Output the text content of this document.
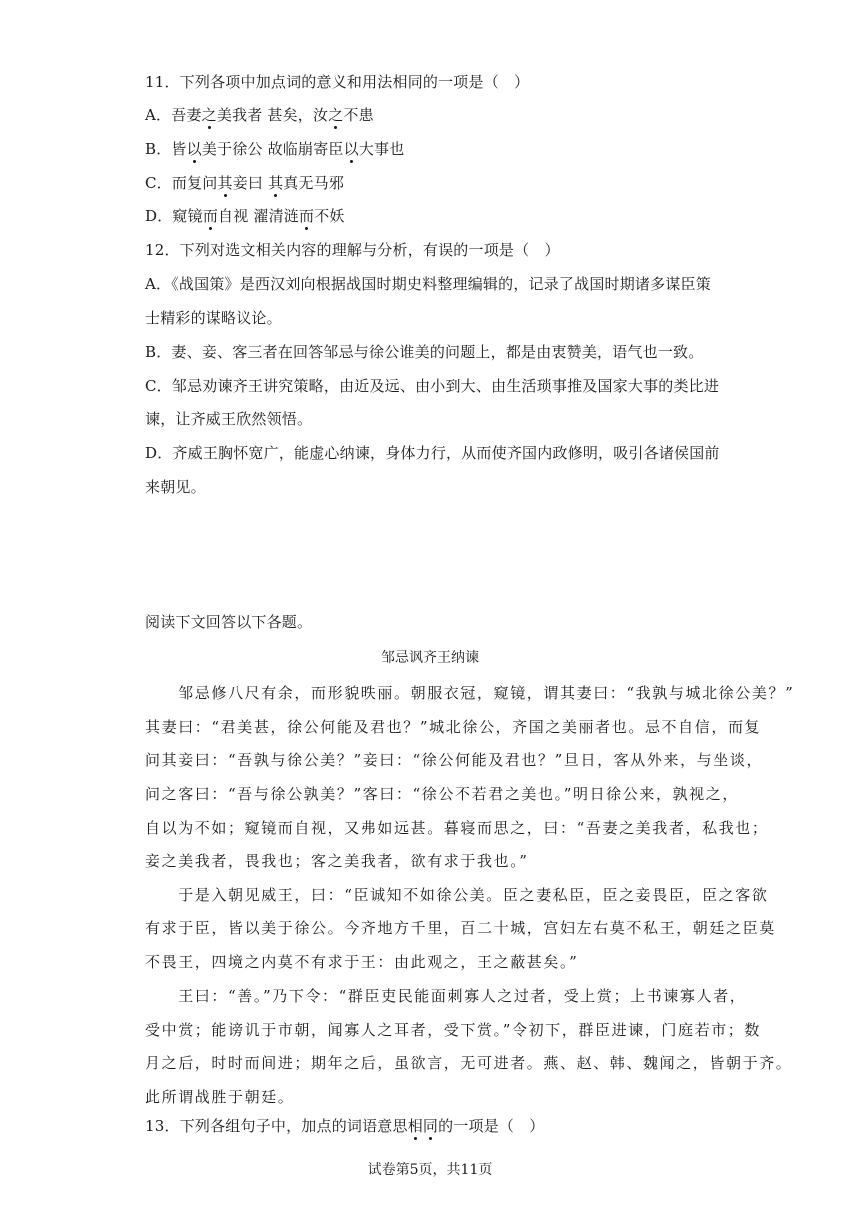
11．下列各项中加点词的意义和用法相同的一项是（　）
A．吾妻之美我者 甚矣，汝之不患
B．皆以美于徐公 故临崩寄臣以大事也
C．而复问其妾曰 其真无马邪
D．窥镜而自视 濯清涟而不妖
12．下列对选文相关内容的理解与分析，有误的一项是（　）
A．《战国策》是西汉刘向根据战国时期史料整理编辑的，记录了战国时期诸多谋臣策
士精彩的谋略议论。
B．妻、妾、客三者在回答邹忌与徐公谁美的问题上，都是由衷赞美，语气也一致。
C．邹忌劝谏齐王讲究策略，由近及远、由小到大、由生活琐事推及国家大事的类比进
谏，让齐威王欣然领悟。
D．齐威王胸怀宽广，能虚心纳谏，身体力行，从而使齐国内政修明，吸引各诸侯国前
来朝见。
阅读下文回答以下各题。
邹忌讽齐王纳谏
　　邹忌修八尺有余，而形貌昳丽。朝服衣冠，窥镜，谓其妻曰：“我孰与城北徐公美？”
其妻曰：“君美甚，徐公何能及君也？”城北徐公，齐国之美丽者也。忌不自信，而复
问其妾曰：“吾孰与徐公美？”妾曰：“徐公何能及君也？”旦日，客从外来，与坐谈，
问之客曰：“吾与徐公孰美？”客曰：“徐公不若君之美也。”明日徐公来，孰视之，
自以为不如；窥镜而自视，又弗如远甚。暮寝而思之，曰：“吾妻之美我者，私我也；
妾之美我者，畏我也；客之美我者，欲有求于我也。”
　　于是入朝见威王，曰：“臣诚知不如徐公美。臣之妻私臣，臣之妾畏臣，臣之客欲
有求于臣，皆以美于徐公。今齐地方千里，百二十城，宫妇左右莫不私王，朝廷之臣莫
不畏王，四境之内莫不有求于王：由此观之，王之蔽甚矣。”
　　王曰：“善。”乃下令：“群臣吏民能面刺寡人之过者，受上赏；上书谏寡人者，
受中赏；能谤讥于市朝，闻寡人之耳者，受下赏。”令初下，群臣进谏，门庭若市；数
月之后，时时而间进；期年之后，虽欲言，无可进者。燕、赵、韩、魏闻之，皆朝于齐。
此所谓战胜于朝廷。
13．下列各组句子中，加点的词语意思相同的一项是（　）
试卷第5页，共11页
